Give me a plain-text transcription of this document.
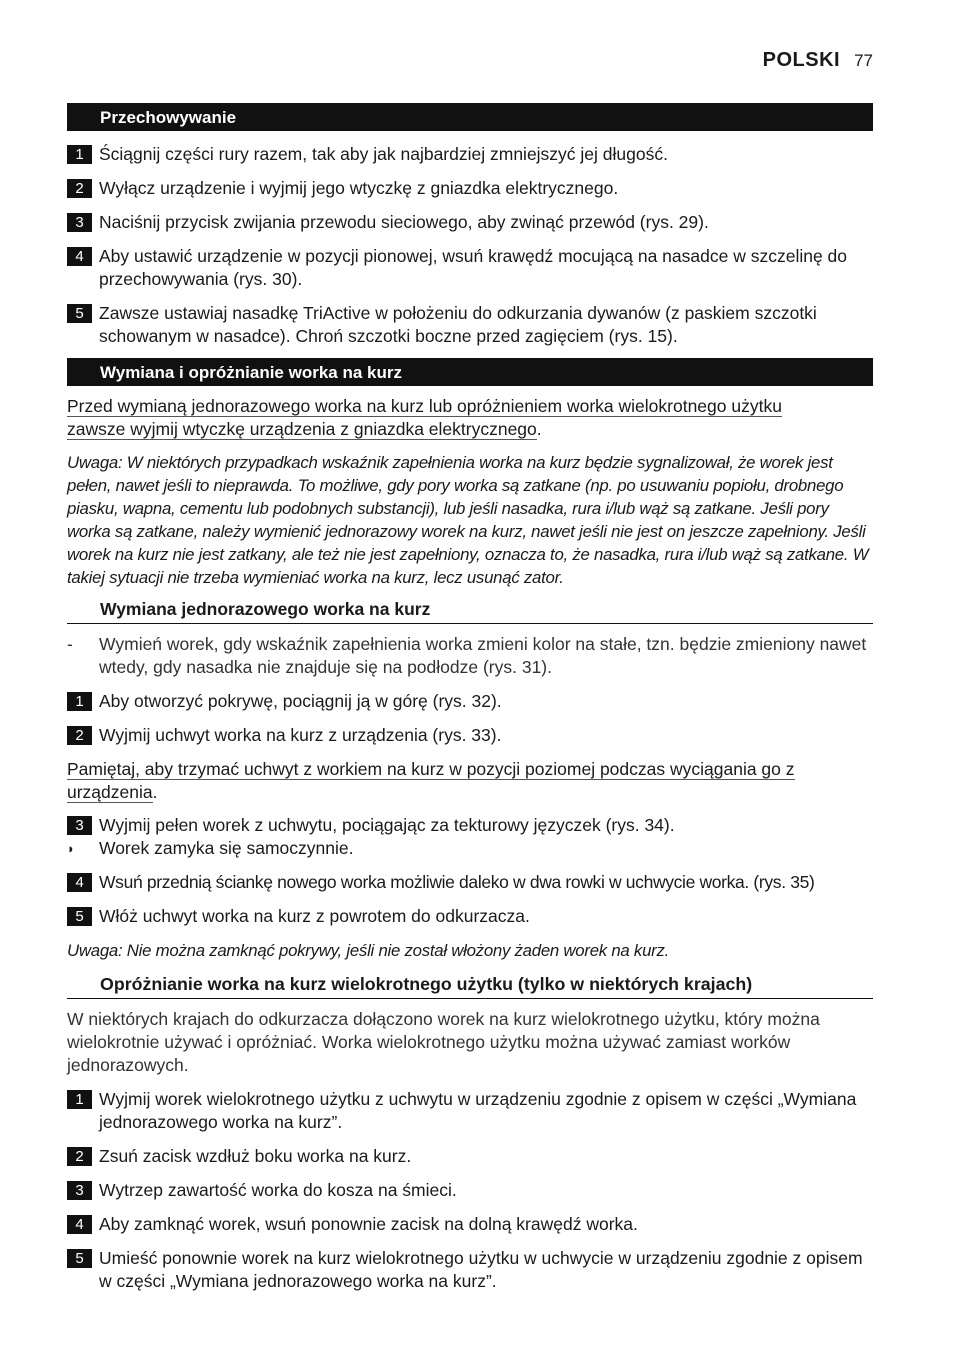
POLSKI 77
Przechowywanie
1 Ściągnij części rury razem, tak aby jak najbardziej zmniejszyć jej długość.
2 Wyłącz urządzenie i wyjmij jego wtyczkę z gniazdka elektrycznego.
3 Naciśnij przycisk zwijania przewodu sieciowego, aby zwinąć przewód (rys. 29).
4 Aby ustawić urządzenie w pozycji pionowej, wsuń krawędź mocującą na nasadce w szczelinę do przechowywania (rys. 30).
5 Zawsze ustawiaj nasadkę TriActive w położeniu do odkurzania dywanów (z paskiem szczotki schowanym w nasadce). Chroń szczotki boczne przed zagięciem (rys. 15).
Wymiana i opróżnianie worka na kurz
Przed wymianą jednorazowego worka na kurz lub opróżnieniem worka wielokrotnego użytku
zawsze wyjmij wtyczkę urządzenia z gniazdka elektrycznego.
Uwaga: W niektórych przypadkach wskaźnik zapełnienia worka na kurz będzie sygnalizował, że worek jest pełen, nawet jeśli to nieprawda. To możliwe, gdy pory worka są zatkane (np. po usuwaniu popiołu, drobnego piasku, wapna, cementu lub podobnych substancji), lub jeśli nasadka, rura i/lub wąż są zatkane. Jeśli pory worka są zatkane, należy wymienić jednorazowy worek na kurz, nawet jeśli nie jest on jeszcze zapełniony. Jeśli worek na kurz nie jest zatkany, ale też nie jest zapełniony, oznacza to, że nasadka, rura i/lub wąż są zatkane. W takiej sytuacji nie trzeba wymieniać worka na kurz, lecz usunąć zator.
Wymiana jednorazowego worka na kurz
-	Wymień worek, gdy wskaźnik zapełnienia worka zmieni kolor na stałe, tzn. będzie zmieniony nawet wtedy, gdy nasadka nie znajduje się na podłodze (rys. 31).
1 Aby otworzyć pokrywę, pociągnij ją w górę (rys. 32).
2 Wyjmij uchwyt worka na kurz z urządzenia (rys. 33).
Pamiętaj, aby trzymać uchwyt z workiem na kurz w pozycji poziomej podczas wyciągania go z
urządzenia.
3 Wyjmij pełen worek z uchwytu, pociągając za tekturowy języczek (rys. 34).
◗	Worek zamyka się samoczynnie.
4 Wsuń przednią ściankę nowego worka możliwie daleko w dwa rowki w uchwycie worka. (rys. 35)
5 Włóż uchwyt worka na kurz z powrotem do odkurzacza.
Uwaga: Nie można zamknąć pokrywy, jeśli nie został włożony żaden worek na kurz.
Opróżnianie worka na kurz wielokrotnego użytku (tylko w niektórych krajach)
W niektórych krajach do odkurzacza dołączono worek na kurz wielokrotnego użytku, który można wielokrotnie używać i opróżniać. Worka wielokrotnego użytku można używać zamiast worków jednorazowych.
1 Wyjmij worek wielokrotnego użytku z uchwytu w urządzeniu zgodnie z opisem w części „Wymiana jednorazowego worka na kurz”.
2 Zsuń zacisk wzdłuż boku worka na kurz.
3 Wytrzep zawartość worka do kosza na śmieci.
4 Aby zamknąć worek, wsuń ponownie zacisk na dolną krawędź worka.
5 Umieść ponownie worek na kurz wielokrotnego użytku w uchwycie w urządzeniu zgodnie z opisem w części „Wymiana jednorazowego worka na kurz”.
